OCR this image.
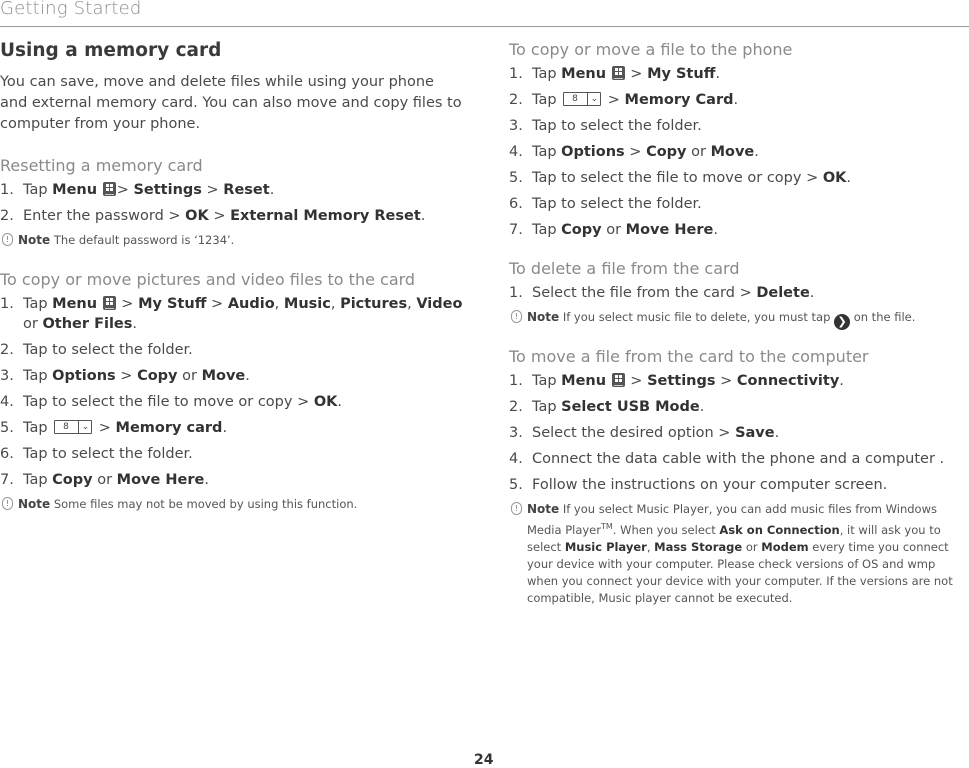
Getting Started
Using a memory card

You can save, move and delete files while using your phone and external memory card. You can also move and copy files to computer from your phone.

Resetting a memory card
1. Tap Menu > Settings > Reset.
2. Enter the password > OK > External Memory Reset.
! Note The default password is ‘1234’.
To copy or move pictures and video files to the card
1. Tap Menu  > My Stuff > Audio, Music, Pictures, Video or Other Files.
2. Tap to select the folder.
3. Tap Options > Copy or Move.
4. Tap to select the file to move or copy > OK.
5. Tap 8	⌄ > Memory card.
6. Tap to select the folder.
7. Tap Copy or Move Here.
! Note Some files may not be moved by using this function.
To copy or move a file to the phone
1. Tap Menu  > My Stuff.
2. Tap 8	⌄ > Memory Card.
3. Tap to select the folder.
4. Tap Options > Copy or Move.
5. Tap to select the file to move or copy > OK.
6. Tap to select the folder.
7. Tap Copy or Move Here.
To delete a file from the card
1. Select the file from the card > Delete.
! Note If you select music file to delete, you must tap ❯ on the file.
To move a file from the card to the computer
1. Tap Menu  > Settings > Connectivity.
2. Tap Select USB Mode.
3. Select the desired option > Save.
4. Connect the data cable with the phone and a computer .
5. Follow the instructions on your computer screen.
! Note If you select Music Player, you can add music files from Windows Media Player™. When you select Ask on Connection, it will ask you to select Music Player, Mass Storage or Modem every time you connect your device with your computer. Please check versions of OS and wmp when you connect your device with your computer. If the versions are not compatible, Music player cannot be executed.
24
